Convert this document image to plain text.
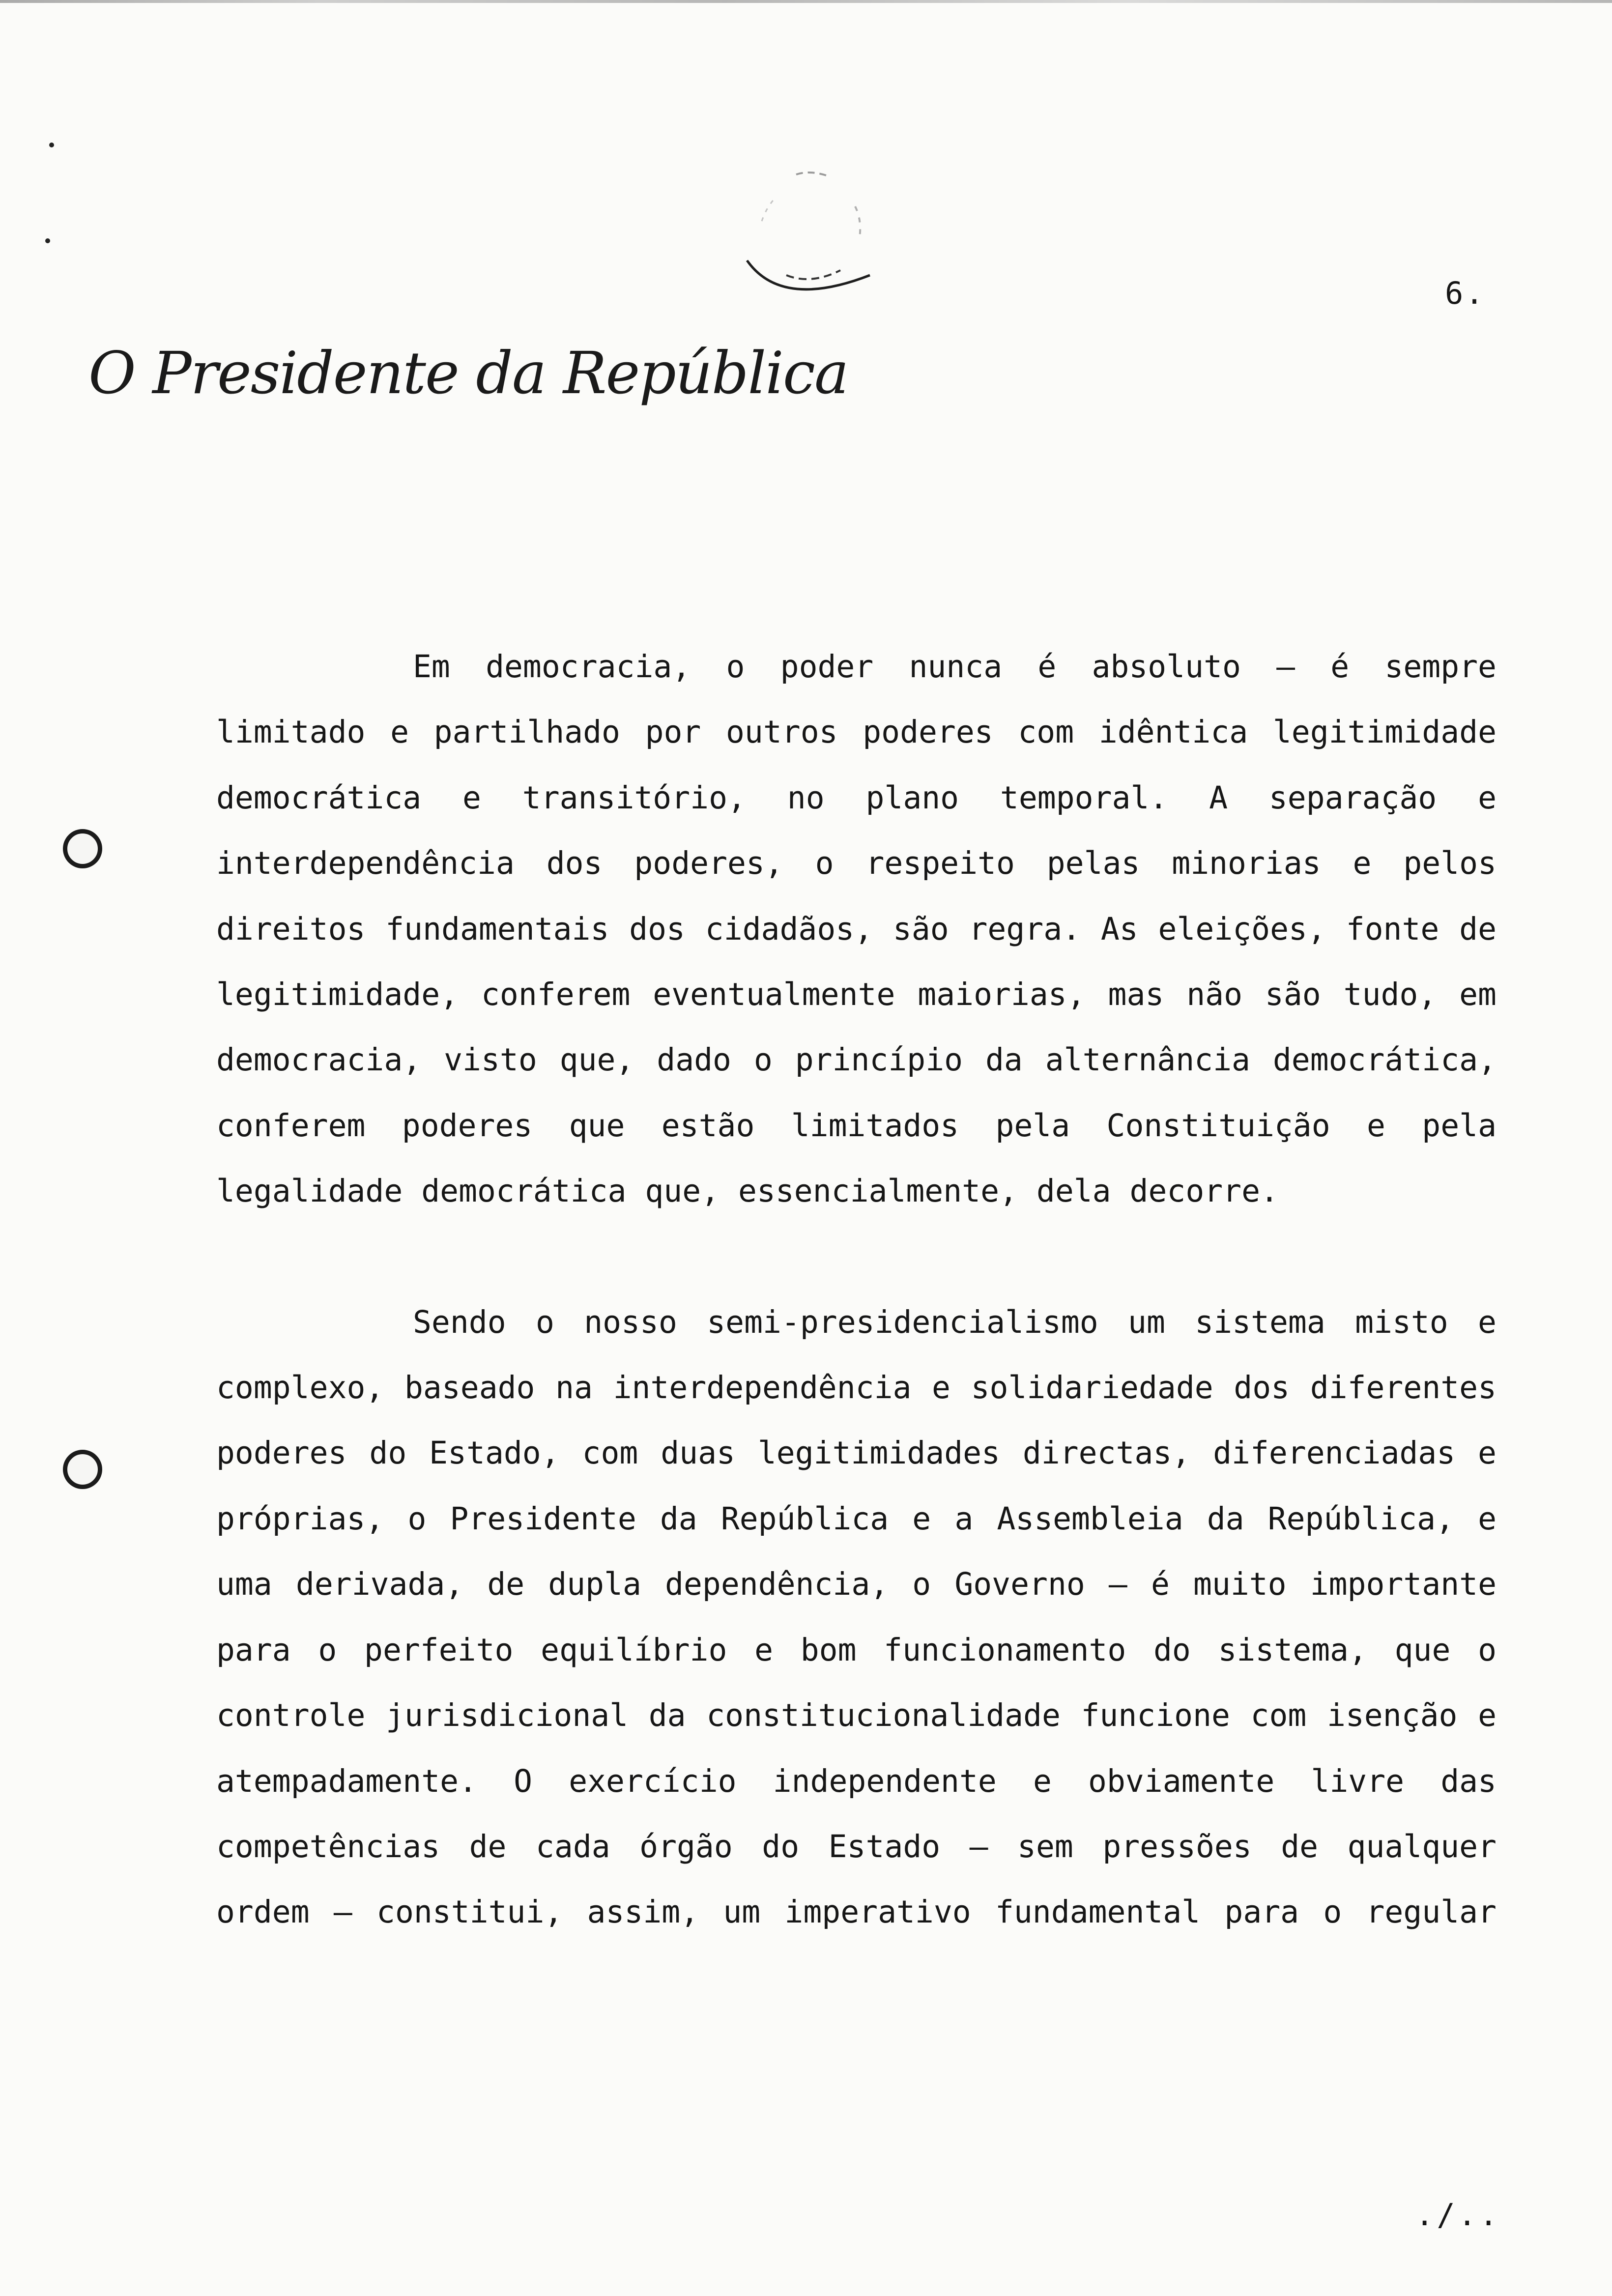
6.
O Presidente da República

Em democracia, o poder nunca é absoluto – é sempre limitado e partilhado por outros poderes com idêntica legitimidade democrática e transitório, no plano temporal. A separação e interdependência dos poderes, o respeito pelas minorias e pelos direitos fundamentais dos cidadãos, são regra. As eleições, fonte de legitimidade, conferem eventualmente maiorias, mas não são tudo, em democracia, visto que, dado o princípio da alternância democrática, conferem poderes que estão limitados pela Constituição e pela legalidade democrática que, essencialmente, dela decorre.

Sendo o nosso semi-presidencialismo um sistema misto e complexo, baseado na interdependência e solidariedade dos diferentes poderes do Estado, com duas legitimidades directas, diferenciadas e próprias, o Presidente da República e a Assembleia da República, e uma derivada, de dupla dependência, o Governo – é muito importante para o perfeito equilíbrio e bom funcionamento do sistema, que o controle jurisdicional da constitucionalidade funcione com isenção e atempadamente. O exercício independente e obviamente livre das competências de cada órgão do Estado – sem pressões de qualquer ordem – constitui, assim, um imperativo fundamental para o regular

./..
